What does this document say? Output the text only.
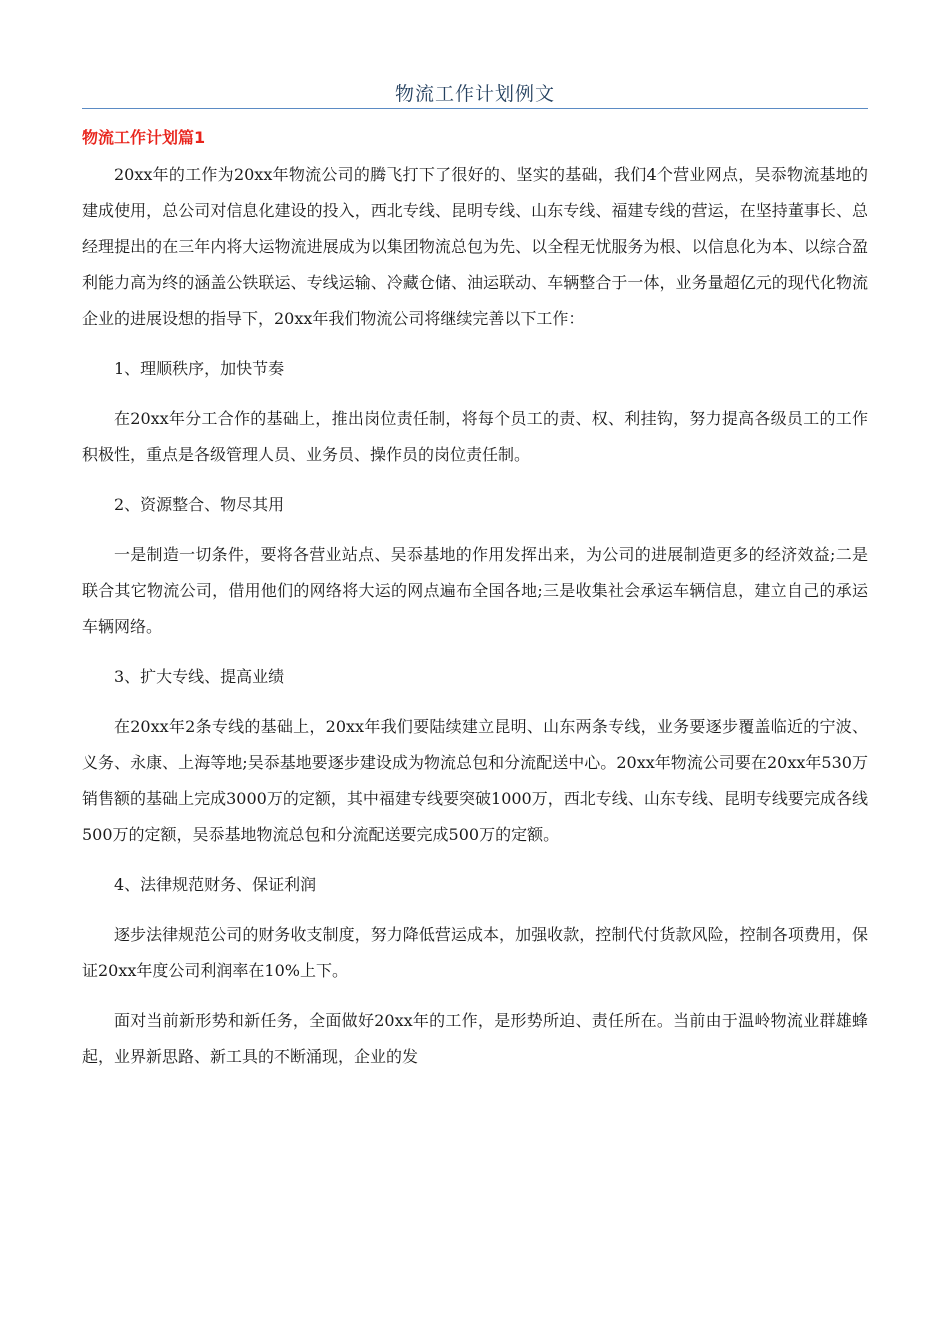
物流工作计划例文
物流工作计划篇1

20xx年的工作为20xx年物流公司的腾飞打下了很好的、坚实的基础，我们4个营业网点，吴忝物流基地的建成使用，总公司对信息化建设的投入，西北专线、昆明专线、山东专线、福建专线的营运，在坚持董事长、总经理提出的在三年内将大运物流进展成为以集团物流总包为先、以全程无忧服务为根、以信息化为本、以综合盈利能力高为终的涵盖公铁联运、专线运输、冷藏仓储、油运联动、车辆整合于一体，业务量超亿元的现代化物流企业的进展设想的指导下，20xx年我们物流公司将继续完善以下工作：

1、理顺秩序，加快节奏

在20xx年分工合作的基础上，推出岗位责任制，将每个员工的责、权、利挂钩，努力提高各级员工的工作积极性，重点是各级管理人员、业务员、操作员的岗位责任制。

2、资源整合、物尽其用

一是制造一切条件，要将各营业站点、吴忝基地的作用发挥出来，为公司的进展制造更多的经济效益;二是联合其它物流公司，借用他们的网络将大运的网点遍布全国各地;三是收集社会承运车辆信息，建立自己的承运车辆网络。

3、扩大专线、提高业绩

在20xx年2条专线的基础上，20xx年我们要陆续建立昆明、山东两条专线，业务要逐步覆盖临近的宁波、义务、永康、上海等地;吴忝基地要逐步建设成为物流总包和分流配送中心。20xx年物流公司要在20xx年530万销售额的基础上完成3000万的定额，其中福建专线要突破1000万，西北专线、山东专线、昆明专线要完成各线500万的定额，吴忝基地物流总包和分流配送要完成500万的定额。

4、法律规范财务、保证利润

逐步法律规范公司的财务收支制度，努力降低营运成本，加强收款，控制代付货款风险，控制各项费用，保证20xx年度公司利润率在10%上下。

面对当前新形势和新任务，全面做好20xx年的工作，是形势所迫、责任所在。当前由于温岭物流业群雄蜂起，业界新思路、新工具的不断涌现，企业的发
